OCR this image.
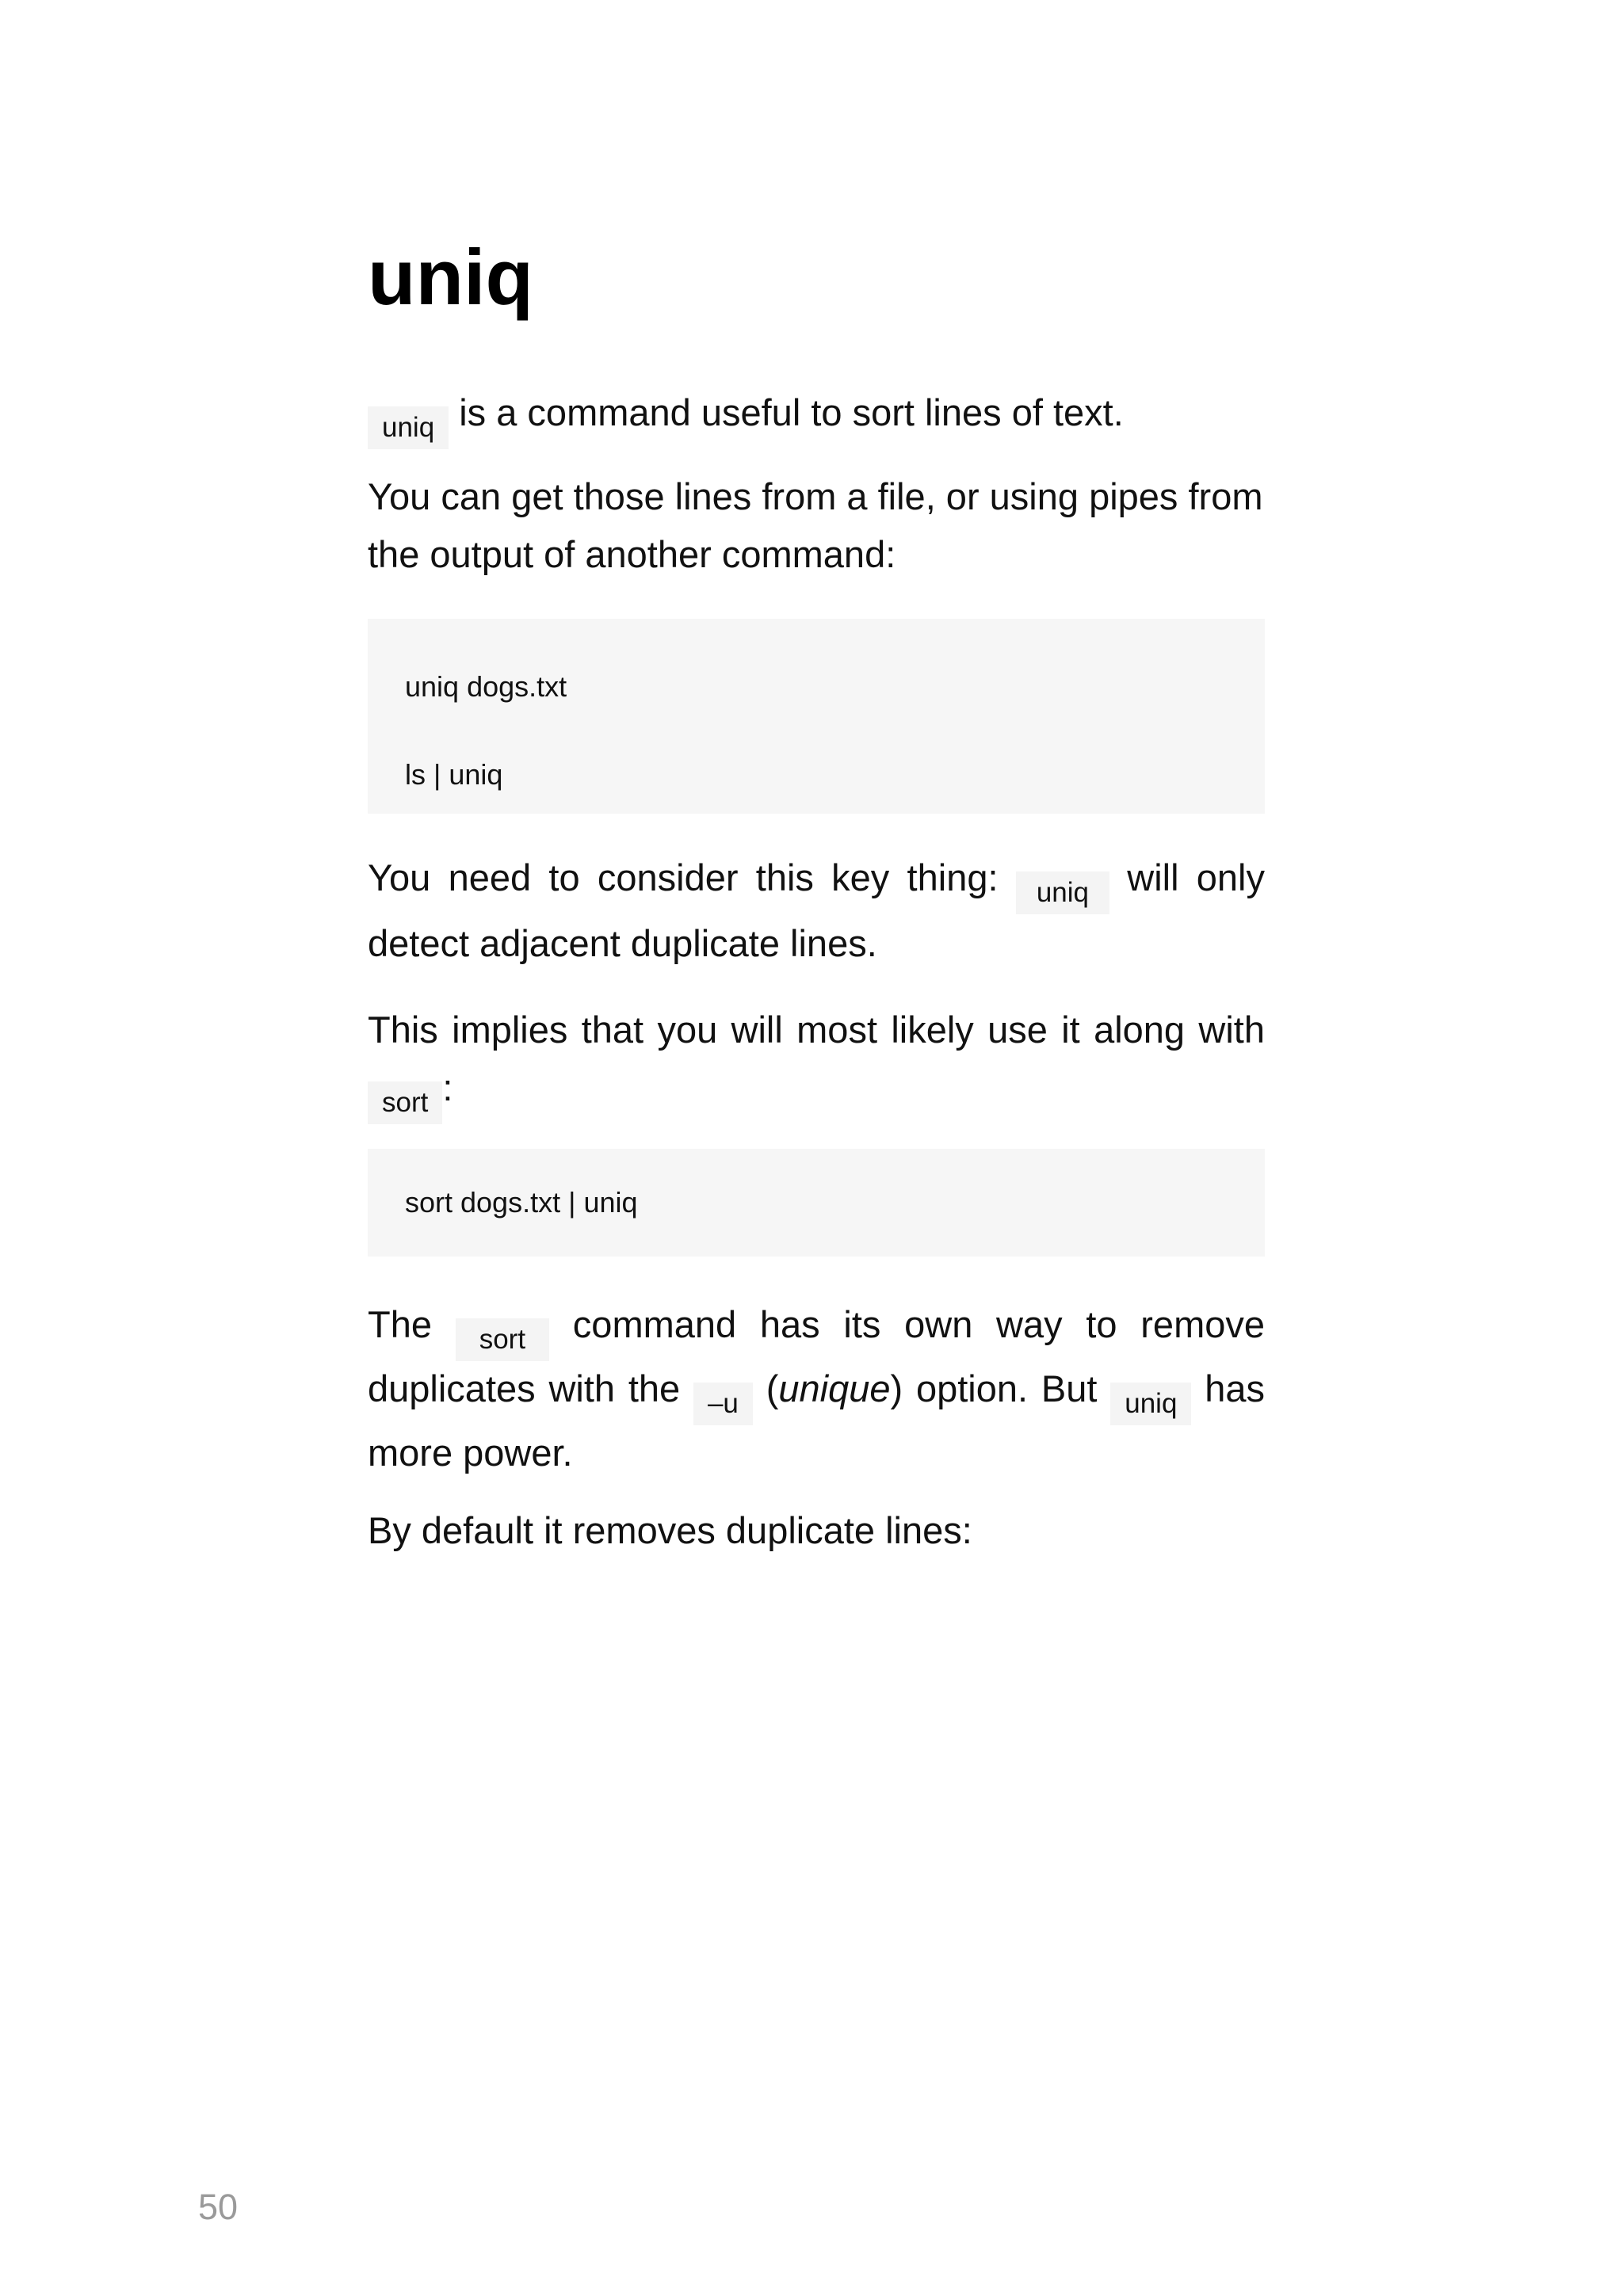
uniq

uniq is a command useful to sort lines of text.

You can get those lines from a file, or using pipes from the output of another command:

uniq dogs.txt
ls | uniq

You need to consider this key thing: uniq will only detect adjacent duplicate lines.

This implies that you will most likely use it along with sort :

sort dogs.txt | uniq

The sort command has its own way to remove duplicates with the –u (unique) option. But uniq has more power.

By default it removes duplicate lines:

50
